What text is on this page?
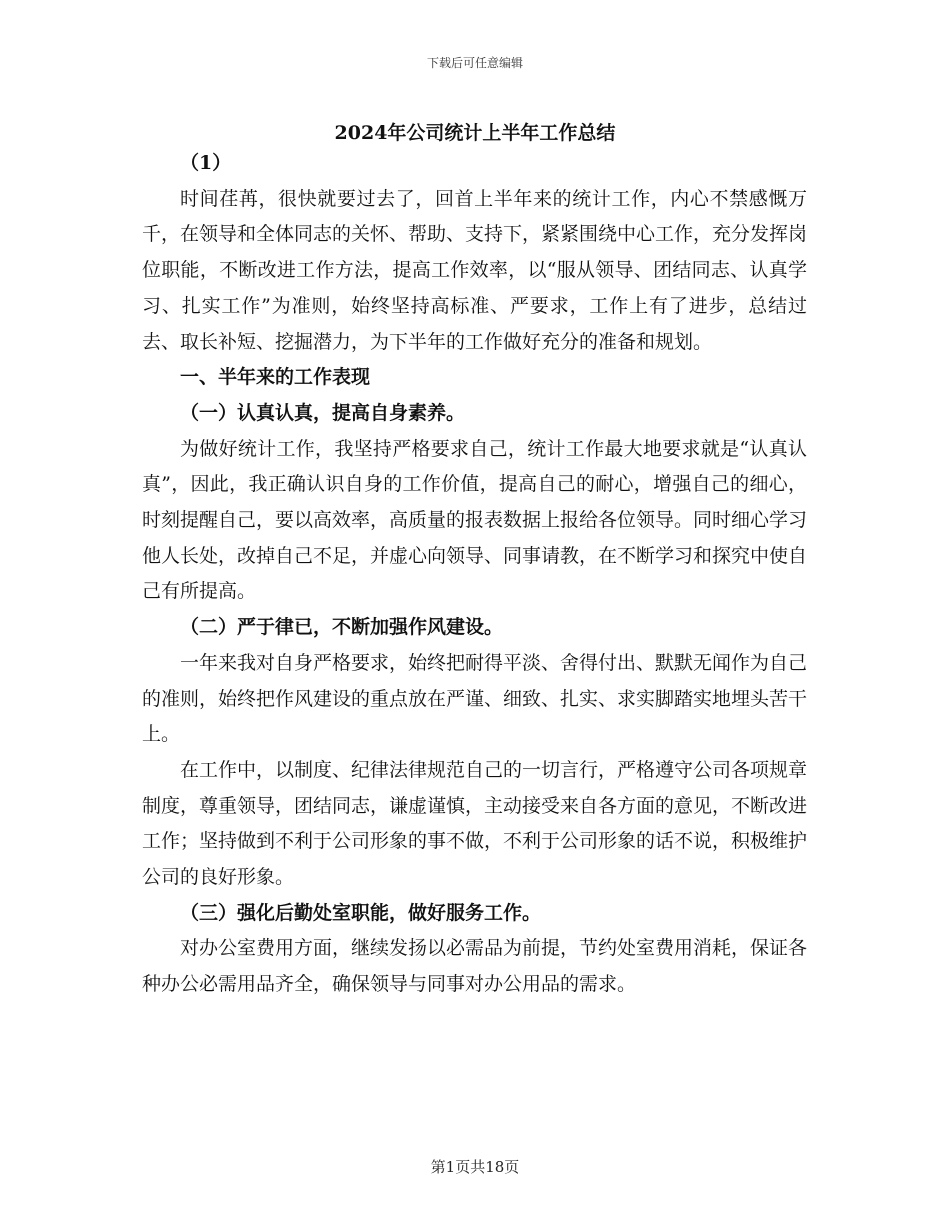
下载后可任意编辑
2024年公司统计上半年工作总结

（1）

时间荏苒，很快就要过去了，回首上半年来的统计工作，内心不禁感慨万千，在领导和全体同志的关怀、帮助、支持下，紧紧围绕中心工作，充分发挥岗位职能，不断改进工作方法，提高工作效率，以“服从领导、团结同志、认真学习、扎实工作”为准则，始终坚持高标准、严要求，工作上有了进步，总结过去、取长补短、挖掘潜力，为下半年的工作做好充分的准备和规划。

一、半年来的工作表现

（一）认真认真，提高自身素养。

为做好统计工作，我坚持严格要求自己，统计工作最大地要求就是“认真认真”，因此，我正确认识自身的工作价值，提高自己的耐心，增强自己的细心，时刻提醒自己，要以高效率，高质量的报表数据上报给各位领导。同时细心学习他人长处，改掉自己不足，并虚心向领导、同事请教，在不断学习和探究中使自己有所提高。

（二）严于律已，不断加强作风建设。

一年来我对自身严格要求，始终把耐得平淡、舍得付出、默默无闻作为自己的准则，始终把作风建设的重点放在严谨、细致、扎实、求实脚踏实地埋头苦干上。

在工作中，以制度、纪律法律规范自己的一切言行，严格遵守公司各项规章制度，尊重领导，团结同志，谦虚谨慎，主动接受来自各方面的意见，不断改进工作；坚持做到不利于公司形象的事不做，不利于公司形象的话不说，积极维护公司的良好形象。

（三）强化后勤处室职能，做好服务工作。

对办公室费用方面，继续发扬以必需品为前提，节约处室费用消耗，保证各种办公必需用品齐全，确保领导与同事对办公用品的需求。

第1页共18页
